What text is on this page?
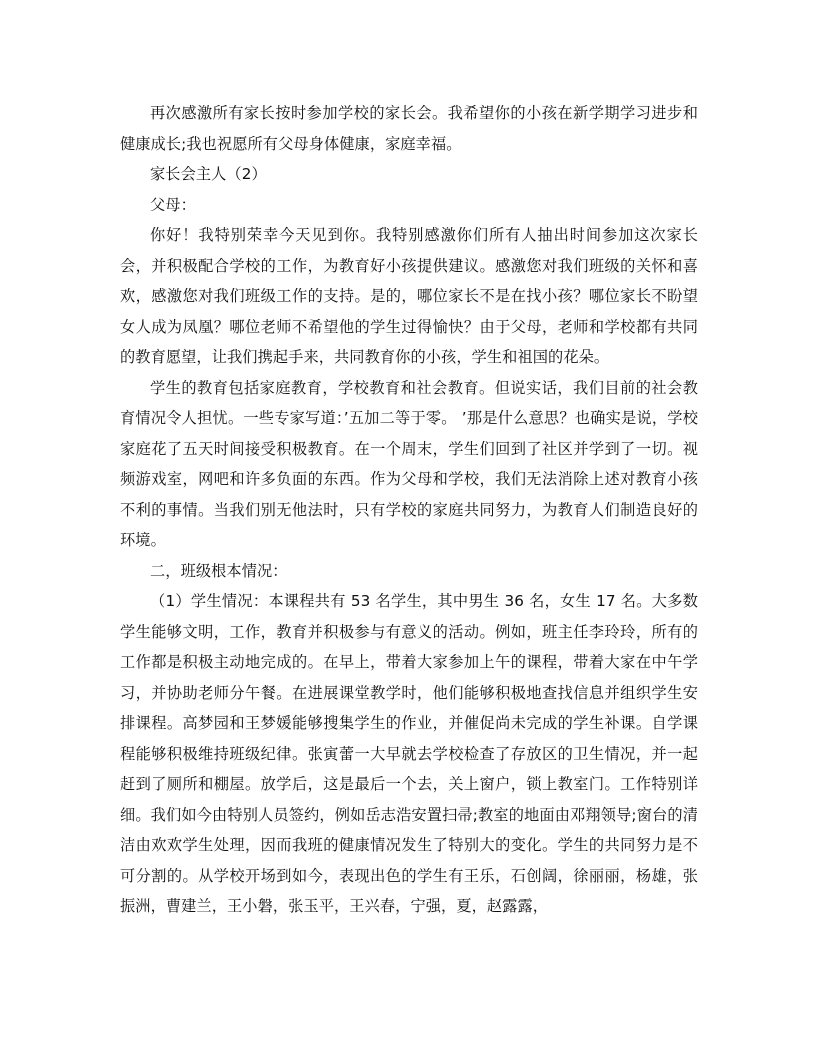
再次感激所有家长按时参加学校的家长会。我希望你的小孩在新学期学习进步和健康成长;我也祝愿所有父母身体健康，家庭幸福。

家长会主人（2）

父母：

你好！我特别荣幸今天见到你。我特别感激你们所有人抽出时间参加这次家长会，并积极配合学校的工作，为教育好小孩提供建议。感激您对我们班级的关怀和喜欢，感激您对我们班级工作的支持。是的，哪位家长不是在找小孩？哪位家长不盼望女人成为凤凰？哪位老师不希望他的学生过得愉快？由于父母，老师和学校都有共同的教育愿望，让我们携起手来，共同教育你的小孩，学生和祖国的花朵。

学生的教育包括家庭教育，学校教育和社会教育。但说实话，我们目前的社会教育情况令人担忧。一些专家写道：’五加二等于零。 ’那是什么意思？也确实是说，学校家庭花了五天时间接受积极教育。在一个周末，学生们回到了社区并学到了一切。视频游戏室，网吧和许多负面的东西。作为父母和学校，我们无法消除上述对教育小孩不利的事情。当我们别无他法时，只有学校的家庭共同努力，为教育人们制造良好的环境。

二，班级根本情况：

（1）学生情况：本课程共有 53 名学生，其中男生 36 名，女生 17 名。大多数学生能够文明，工作，教育并积极参与有意义的活动。例如，班主任李玲玲，所有的工作都是积极主动地完成的。在早上，带着大家参加上午的课程，带着大家在中午学习，并协助老师分午餐。在进展课堂教学时，他们能够积极地查找信息并组织学生安排课程。高梦园和王梦媛能够搜集学生的作业，并催促尚未完成的学生补课。自学课程能够积极维持班级纪律。张寅蕾一大早就去学校检查了存放区的卫生情况，并一起赶到了厕所和棚屋。放学后，这是最后一个去，关上窗户，锁上教室门。工作特别详细。我们如今由特别人员签约，例如岳志浩安置扫帚;教室的地面由邓翔领导;窗台的清洁由欢欢学生处理，因而我班的健康情况发生了特别大的变化。学生的共同努力是不可分割的。从学校开场到如今，表现出色的学生有王乐，石创阔，徐丽丽，杨雄，张振洲，曹建兰，王小磐，张玉平，王兴春，宁强，夏，赵露露，
